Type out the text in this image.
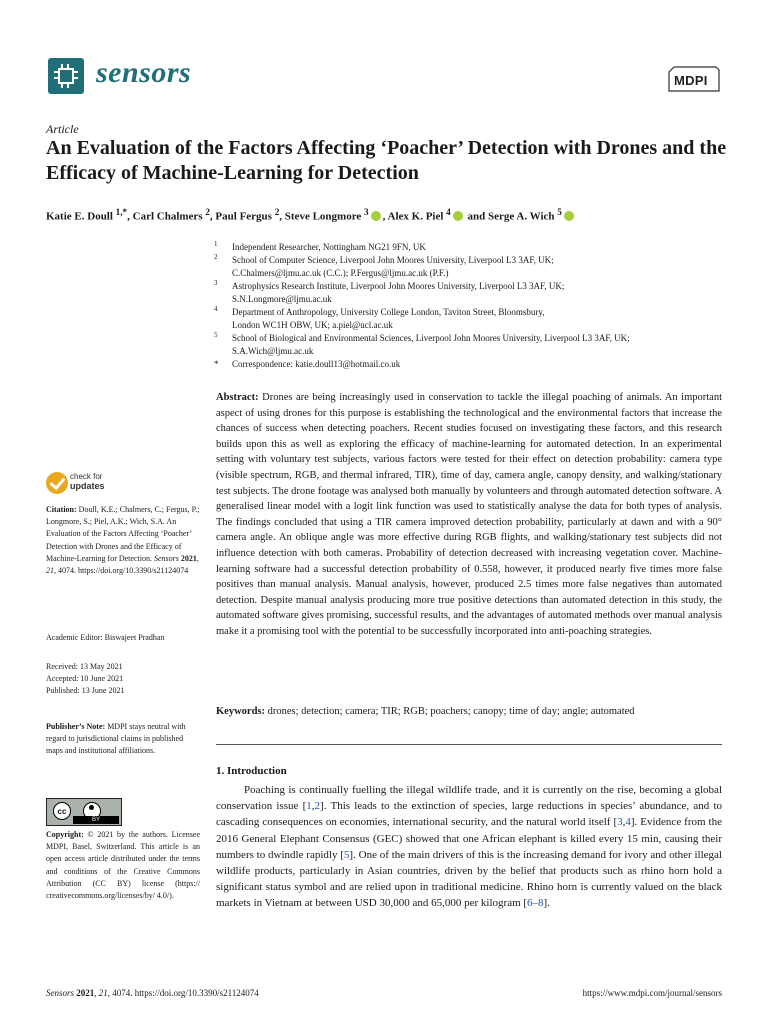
sensors	MDPI
Article
An Evaluation of the Factors Affecting ‘Poacher’ Detection with Drones and the Efficacy of Machine-Learning for Detection
Katie E. Doull $^{1,*}$, Carl Chalmers $^2$, Paul Fergus $^2$, Steve Longmore $^3$ , Alex K. Piel $^4$ and Serge A. Wich $^5$
1 Independent Researcher, Nottingham NG21 9FN, UK
2 School of Computer Science, Liverpool John Moores University, Liverpool L3 3AF, UK;
C.Chalmers@ljmu.ac.uk (C.C.); P.Fergus@ljmu.ac.uk (P.F.)
3 Astrophysics Research Institute, Liverpool John Moores University, Liverpool L3 3AF, UK;
S.N.Longmore@ljmu.ac.uk
4 Department of Anthropology, University College London, Taviton Street, Bloomsbury,
London WC1H OBW, UK; a.piel@ucl.ac.uk
5 School of Biological and Environmental Sciences, Liverpool John Moores University, Liverpool L3 3AF, UK;
S.A.Wich@ljmu.ac.uk
* Correspondence: katie.doull13@hotmail.co.uk
Abstract: Drones are being increasingly used in conservation to tackle the illegal poaching of animals. An important aspect of using drones for this purpose is establishing the technological and the environmental factors that increase the chances of success when detecting poachers. Recent studies focused on investigating these factors, and this research builds upon this as well as exploring the efficacy of machine-learning for automated detection. In an experimental setting with voluntary test subjects, various factors were tested for their effect on detection probability: camera type (visible spectrum, RGB, and thermal infrared, TIR), time of day, camera angle, canopy density, and walking/stationary test subjects. The drone footage was analysed both manually by volunteers and through automated detection software. A generalised linear model with a logit link function was used to statistically analyse the data for both types of analysis. The findings concluded that using a TIR camera improved detection probability, particularly at dawn and with a 90° camera angle. An oblique angle was more effective during RGB flights, and walking/stationary test subjects did not influence detection with both cameras. Probability of detection decreased with increasing vegetation cover. Machine-learning software had a successful detection probability of 0.558, however, it produced nearly five times more false positives than manual analysis. Manual analysis, however, produced 2.5 times more false negatives than automated detection. Despite manual analysis producing more true positive detections than automated detection in this study, the automated software gives promising, successful results, and the advantages of automated methods over manual analysis make it a promising tool with the potential to be successfully incorporated into anti-poaching strategies.
Keywords: drones; detection; camera; TIR; RGB; poachers; canopy; time of day; angle; automated
1. Introduction
Poaching is continually fuelling the illegal wildlife trade, and it is currently on the rise, becoming a global conservation issue [1,2]. This leads to the extinction of species, large reductions in species’ abundance, and to cascading consequences on economies, international security, and the natural world itself [3,4]. Evidence from the 2016 General Elephant Consensus (GEC) showed that one African elephant is killed every 15 min, causing their numbers to dwindle rapidly [5]. One of the main drivers of this is the increasing demand for ivory and other illegal wildlife products, particularly in Asian countries, driven by the belief that products such as rhino horn hold a significant status symbol and are relied upon in traditional medicine. Rhino horn is currently valued on the black markets in Vietnam at between USD 30,000 and 65,000 per kilogram [6–8].
check for
updates
Citation: Doull, K.E.; Chalmers, C.; Fergus, P.; Longmore, S.; Piel, A.K.; Wich, S.A. An Evaluation of the Factors Affecting ‘Poacher’ Detection with Drones and the Efficacy of Machine-Learning for Detection. Sensors 2021, 21, 4074. https://doi.org/10.3390/s21124074
Academic Editor: Biswajeet Pradhan
Received: 13 May 2021
Accepted: 10 June 2021
Published: 13 June 2021
Publisher’s Note: MDPI stays neutral with regard to jurisdictional claims in published maps and institutional affiliations.
cc
BY
Copyright: © 2021 by the authors. Licensee MDPI, Basel, Switzerland. This article is an open access article distributed under the terms and conditions of the Creative Commons Attribution (CC BY) license (https:// creativecommons.org/licenses/by/ 4.0/).
Sensors 2021, 21, 4074. https://doi.org/10.3390/s21124074	https://www.mdpi.com/journal/sensors
